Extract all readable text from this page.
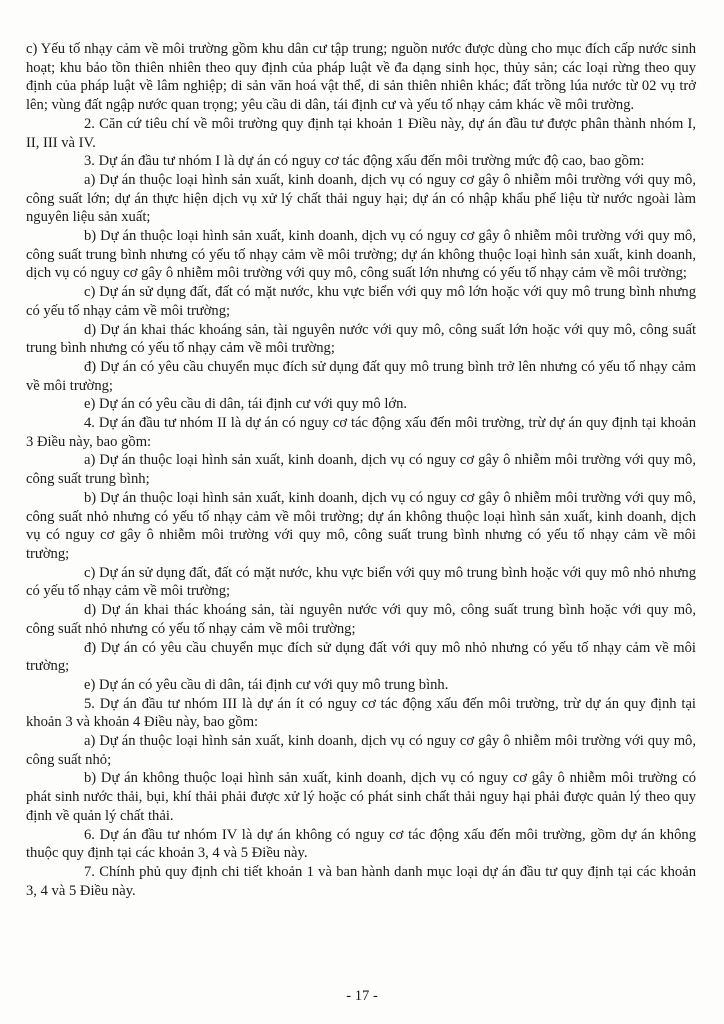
c) Yếu tố nhạy cảm về môi trường gồm khu dân cư tập trung; nguồn nước được dùng cho mục đích cấp nước sinh hoạt; khu bảo tồn thiên nhiên theo quy định của pháp luật về đa dạng sinh học, thủy sản; các loại rừng theo quy định của pháp luật về lâm nghiệp; di sản văn hoá vật thể, di sản thiên nhiên khác; đất trồng lúa nước từ 02 vụ trở lên; vùng đất ngập nước quan trọng; yêu cầu di dân, tái định cư và yếu tố nhạy cảm khác về môi trường.

2. Căn cứ tiêu chí về môi trường quy định tại khoản 1 Điều này, dự án đầu tư được phân thành nhóm I, II, III và IV.

3. Dự án đầu tư nhóm I là dự án có nguy cơ tác động xấu đến môi trường mức độ cao, bao gồm:

a) Dự án thuộc loại hình sản xuất, kinh doanh, dịch vụ có nguy cơ gây ô nhiễm môi trường với quy mô, công suất lớn; dự án thực hiện dịch vụ xử lý chất thải nguy hại; dự án có nhập khẩu phế liệu từ nước ngoài làm nguyên liệu sản xuất;

b) Dự án thuộc loại hình sản xuất, kinh doanh, dịch vụ có nguy cơ gây ô nhiễm môi trường với quy mô, công suất trung bình nhưng có yếu tố nhạy cảm về môi trường; dự án không thuộc loại hình sản xuất, kinh doanh, dịch vụ có nguy cơ gây ô nhiễm môi trường với quy mô, công suất lớn nhưng có yếu tố nhạy cảm về môi trường;

c) Dự án sử dụng đất, đất có mặt nước, khu vực biển với quy mô lớn hoặc với quy mô trung bình nhưng có yếu tố nhạy cảm về môi trường;

d) Dự án khai thác khoáng sản, tài nguyên nước với quy mô, công suất lớn hoặc với quy mô, công suất trung bình nhưng có yếu tố nhạy cảm về môi trường;

đ) Dự án có yêu cầu chuyển mục đích sử dụng đất quy mô trung bình trở lên nhưng có yếu tố nhạy cảm về môi trường;

e) Dự án có yêu cầu di dân, tái định cư với quy mô lớn.

4. Dự án đầu tư nhóm II là dự án có nguy cơ tác động xấu đến môi trường, trừ dự án quy định tại khoản 3 Điều này, bao gồm:

a) Dự án thuộc loại hình sản xuất, kinh doanh, dịch vụ có nguy cơ gây ô nhiễm môi trường với quy mô, công suất trung bình;

b) Dự án thuộc loại hình sản xuất, kinh doanh, dịch vụ có nguy cơ gây ô nhiễm môi trường với quy mô, công suất nhỏ nhưng có yếu tố nhạy cảm về môi trường; dự án không thuộc loại hình sản xuất, kinh doanh, dịch vụ có nguy cơ gây ô nhiễm môi trường với quy mô, công suất trung bình nhưng có yếu tố nhạy cảm về môi trường;

c) Dự án sử dụng đất, đất có mặt nước, khu vực biển với quy mô trung bình hoặc với quy mô nhỏ nhưng có yếu tố nhạy cảm về môi trường;

d) Dự án khai thác khoáng sản, tài nguyên nước với quy mô, công suất trung bình hoặc với quy mô, công suất nhỏ nhưng có yếu tố nhạy cảm về môi trường;

đ) Dự án có yêu cầu chuyển mục đích sử dụng đất với quy mô nhỏ nhưng có yếu tố nhạy cảm về môi trường;

e) Dự án có yêu cầu di dân, tái định cư với quy mô trung bình.

5. Dự án đầu tư nhóm III là dự án ít có nguy cơ tác động xấu đến môi trường, trừ dự án quy định tại khoản 3 và khoản 4 Điều này, bao gồm:

a) Dự án thuộc loại hình sản xuất, kinh doanh, dịch vụ có nguy cơ gây ô nhiễm môi trường với quy mô, công suất nhỏ;

b) Dự án không thuộc loại hình sản xuất, kinh doanh, dịch vụ có nguy cơ gây ô nhiễm môi trường có phát sinh nước thải, bụi, khí thải phải được xử lý hoặc có phát sinh chất thải nguy hại phải được quản lý theo quy định về quản lý chất thải.

6. Dự án đầu tư nhóm IV là dự án không có nguy cơ tác động xấu đến môi trường, gồm dự án không thuộc quy định tại các khoản 3, 4 và 5 Điều này.

7. Chính phủ quy định chi tiết khoản 1 và ban hành danh mục loại dự án đầu tư quy định tại các khoản 3, 4 và 5 Điều này.

- 17 -
